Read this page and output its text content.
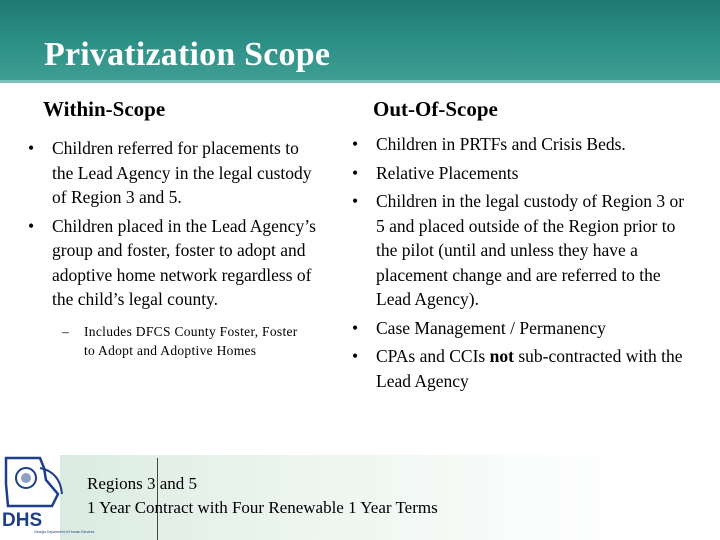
Privatization Scope
Within-Scope	Out-Of-Scope
• Children referred for placements to the Lead Agency in the legal custody of Region 3 and 5.
• Children placed in the Lead Agency’s group and foster, foster to adopt and adoptive home network regardless of the child’s legal county.
– Includes DFCS County Foster, Foster to Adopt and Adoptive Homes
• Children in PRTFs and Crisis Beds.
• Relative Placements
• Children in the legal custody of Region 3 or 5 and placed outside of the Region prior to the pilot (until and unless they have a placement change and are referred to the Lead Agency).
• Case Management / Permanency
• CPAs and CCIs not sub-contracted with the Lead Agency
Regions 3 and 5
1 Year Contract with Four Renewable 1 Year Terms
DHS
Georgia Department of Human Services
